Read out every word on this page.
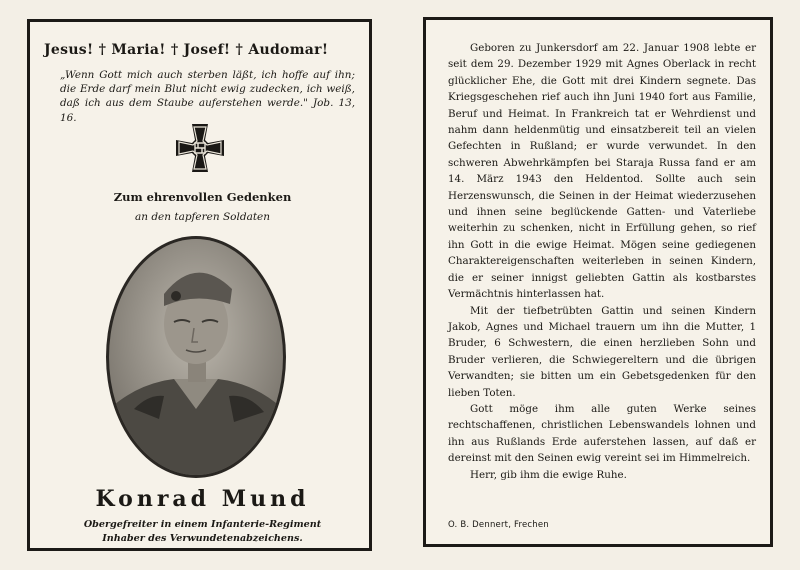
Jesus! † Maria! † Josef! † Audomar!
„Wenn Gott mich auch sterben läßt, ich hoffe auf ihn; die Erde darf mein Blut nicht ewig zudecken, ich weiß, daß ich aus dem Staube auferstehen werde." Job. 13, 16.
Zum ehrenvollen Gedenken
an den tapferen Soldaten
Konrad Mund
Obergefreiter in einem Infanterie-Regiment
Inhaber des Verwundetenabzeichens.

Geboren zu Junkersdorf am 22. Januar 1908 lebte er seit dem 29. Dezember 1929 mit Agnes Oberlack in recht glücklicher Ehe, die Gott mit drei Kindern segnete. Das Kriegsgeschehen rief auch ihn Juni 1940 fort aus Familie, Beruf und Heimat. In Frankreich tat er Wehrdienst und nahm dann heldenmütig und einsatzbereit teil an vielen Gefechten in Rußland; er wurde verwundet. In den schweren Abwehrkämpfen bei Staraja Russa fand er am 14. März 1943 den Heldentod. Sollte auch sein Herzenswunsch, die Seinen in der Heimat wiederzusehen und ihnen seine beglückende Gatten- und Vaterliebe weiterhin zu schenken, nicht in Erfüllung gehen, so rief ihn Gott in die ewige Heimat. Mögen seine gediegenen Charaktereigenschaften weiterleben in seinen Kindern, die er seiner innigst geliebten Gattin als kostbarstes Vermächtnis hinterlassen hat.

Mit der tiefbetrübten Gattin und seinen Kindern Jakob, Agnes und Michael trauern um ihn die Mutter, 1 Bruder, 6 Schwestern, die einen herzlieben Sohn und Bruder verlieren, die Schwiegereltern und die übrigen Verwandten; sie bitten um ein Gebetsgedenken für den lieben Toten.

Gott möge ihm alle guten Werke seines rechtschaffenen, christlichen Lebenswandels lohnen und ihn aus Rußlands Erde auferstehen lassen, auf daß er dereinst mit den Seinen ewig vereint sei im Himmelreich.

Herr, gib ihm die ewige Ruhe.

O. B. Dennert, Frechen
